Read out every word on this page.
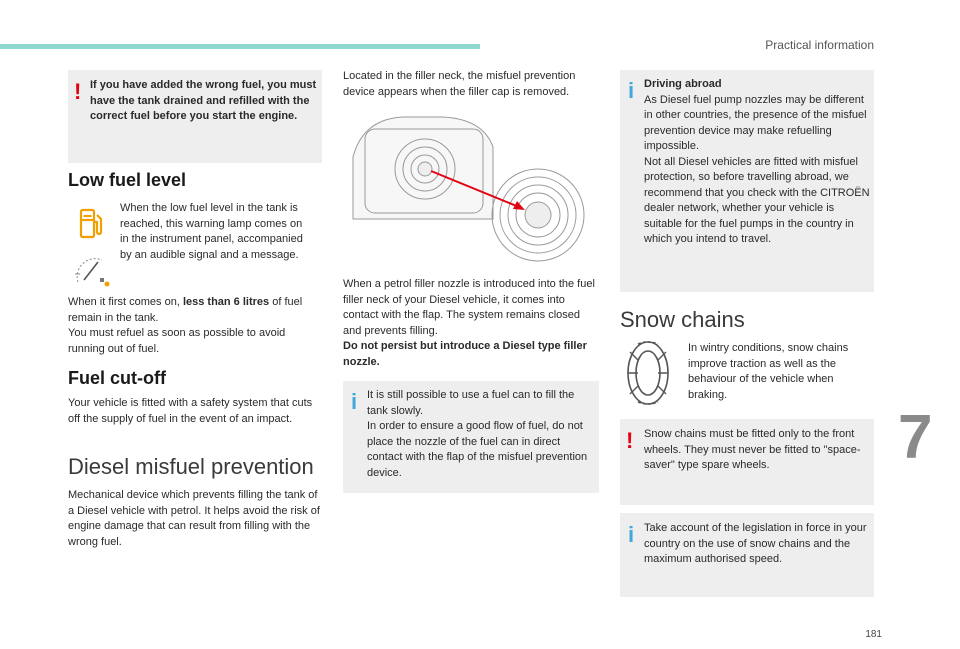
Practical information
7
181
! If you have added the wrong fuel, you must have the tank drained and refilled with the correct fuel before you start the engine.

Low fuel level

When the low fuel level in the tank is reached, this warning lamp comes on in the instrument panel, accompanied by an audible signal and a message.

When it first comes on, less than 6 litres of fuel remain in the tank.
You must refuel as soon as possible to avoid running out of fuel.

Fuel cut-off

Your vehicle is fitted with a safety system that cuts off the supply of fuel in the event of an impact.

Diesel misfuel prevention

Mechanical device which prevents filling the tank of a Diesel vehicle with petrol. It helps avoid the risk of engine damage that can result from filling with the wrong fuel.

Located in the filler neck, the misfuel prevention device appears when the filler cap is removed.

When a petrol filler nozzle is introduced into the fuel filler neck of your Diesel vehicle, it comes into contact with the flap. The system remains closed and prevents filling.
Do not persist but introduce a Diesel type filler nozzle.

i It is still possible to use a fuel can to fill the tank slowly.
In order to ensure a good flow of fuel, do not place the nozzle of the fuel can in direct contact with the flap of the misfuel prevention device.

i Driving abroad
As Diesel fuel pump nozzles may be different in other countries, the presence of the misfuel prevention device may make refuelling impossible.
Not all Diesel vehicles are fitted with misfuel protection, so before travelling abroad, we recommend that you check with the CITROËN dealer network, whether your vehicle is suitable for the fuel pumps in the country in which you intend to travel.

Snow chains

In wintry conditions, snow chains improve traction as well as the behaviour of the vehicle when braking.

! Snow chains must be fitted only to the front wheels. They must never be fitted to "space-saver" type spare wheels.

i Take account of the legislation in force in your country on the use of snow chains and the maximum authorised speed.
